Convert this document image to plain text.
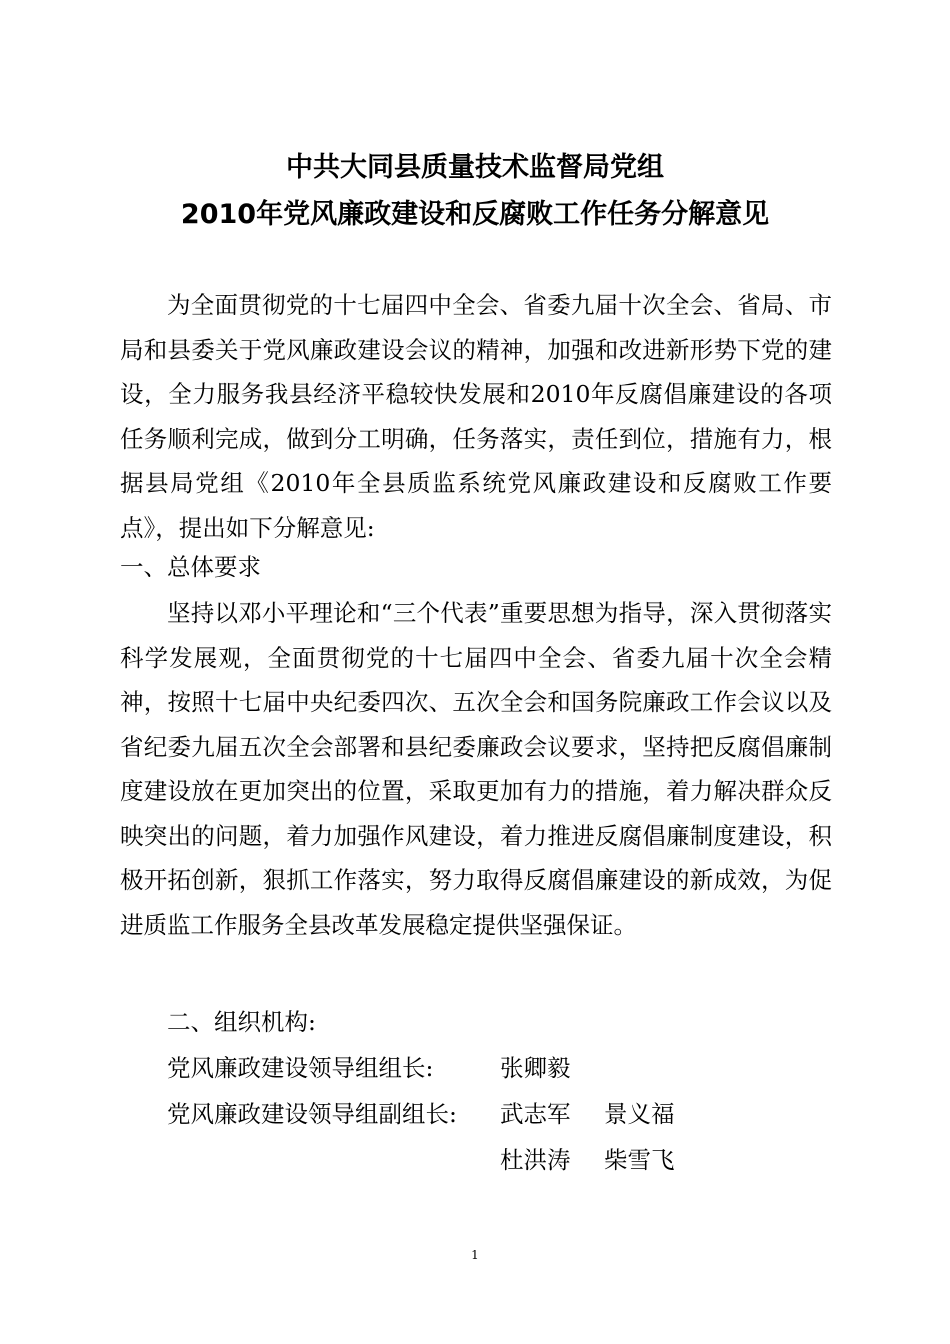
中共大同县质量技术监督局党组
2010年党风廉政建设和反腐败工作任务分解意见
为全面贯彻党的十七届四中全会、省委九届十次全会、省局、市局和县委关于党风廉政建设会议的精神，加强和改进新形势下党的建设，全力服务我县经济平稳较快发展和2010年反腐倡廉建设的各项任务顺利完成，做到分工明确，任务落实，责任到位，措施有力，根据县局党组《2010年全县质监系统党风廉政建设和反腐败工作要点》，提出如下分解意见:
一、总体要求
坚持以邓小平理论和“三个代表”重要思想为指导，深入贯彻落实科学发展观，全面贯彻党的十七届四中全会、省委九届十次全会精神，按照十七届中央纪委四次、五次全会和国务院廉政工作会议以及省纪委九届五次全会部署和县纪委廉政会议要求，坚持把反腐倡廉制度建设放在更加突出的位置，采取更加有力的措施，着力解决群众反映突出的问题，着力加强作风建设，着力推进反腐倡廉制度建设，积极开拓创新，狠抓工作落实，努力取得反腐倡廉建设的新成效，为促进质监工作服务全县改革发展稳定提供坚强保证。
二、组织机构:
党风廉政建设领导组组长:	张卿毅
党风廉政建设领导组副组长: 武志军 景义福
杜洪涛 柴雪飞
1
